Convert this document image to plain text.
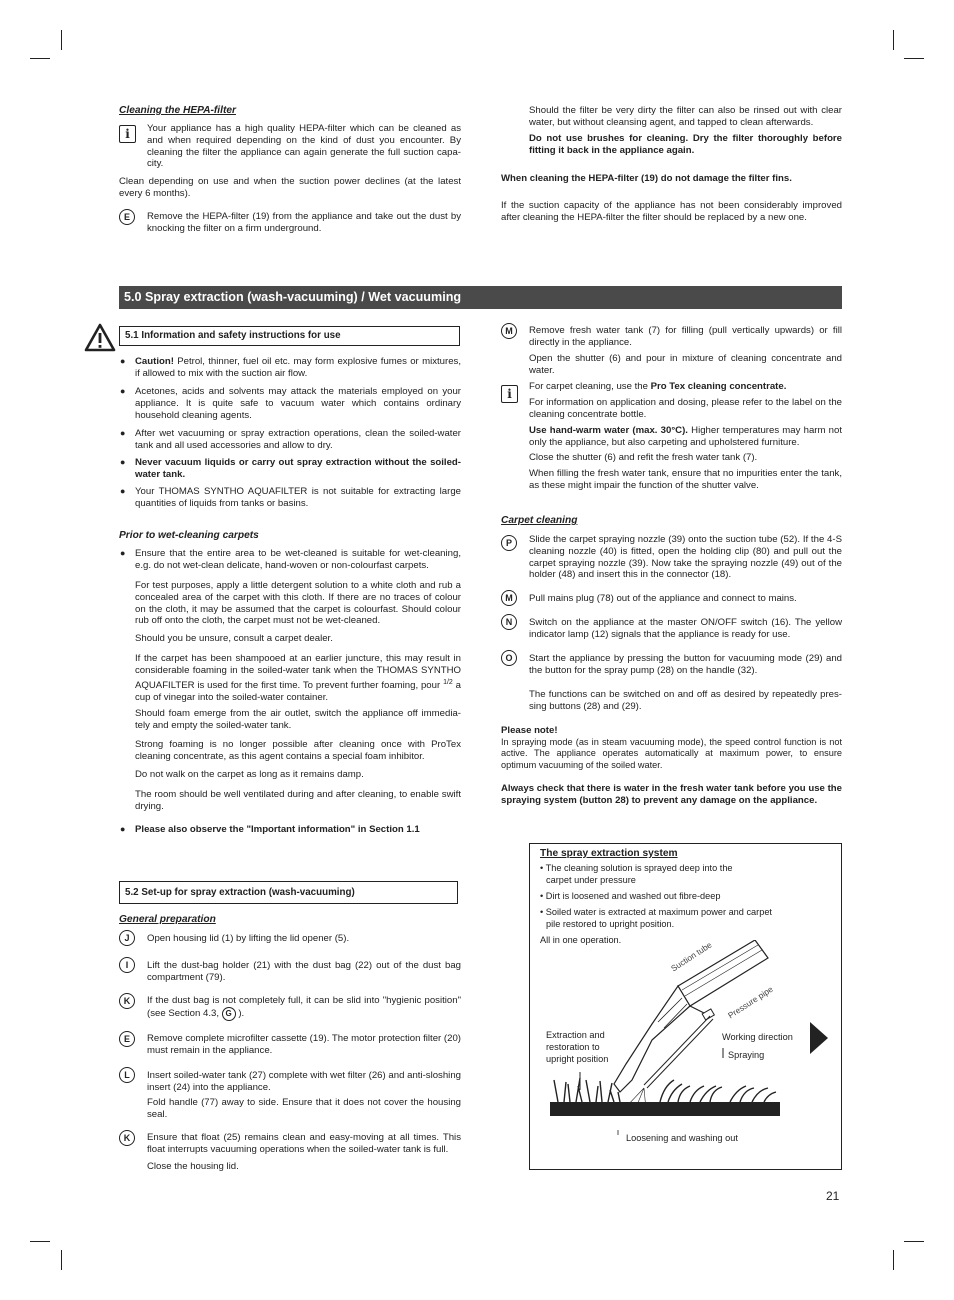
Cleaning the HEPA-filter
i	Your appliance has a high quality HEPA-filter which can be cleaned as and when required depending on the kind of dust you encounter. By cleaning the filter the appliance can again generate the full suction capa-city.
Clean depending on use and when the suction power declines (at the latest every 6 months).
E	Remove the HEPA-filter (19) from the appliance and take out the dust by knocking the filter on a firm underground.
Should the filter be very dirty the filter can also be rinsed out with clear water, but without cleansing agent, and tapped to clean afterwards.
Do not use brushes for cleaning. Dry the filter thoroughly before fitting it back in the appliance again.
When cleaning the HEPA-filter (19) do not damage the filter fins.
If the suction capacity of the appliance has not been considerably improved after cleaning the HEPA-filter the filter should be replaced by a new one.
5.0 Spray extraction (wash-vacuuming) / Wet vacuuming
5.1 Information and safety instructions for use
● Caution! Petrol, thinner, fuel oil etc. may form explosive fumes or mixtures, if allowed to mix with the suction air flow.
● Acetones, acids and solvents may attack the materials employed on your appliance. It is quite safe to vacuum water which contains ordinary household cleaning agents.
● After wet vacuuming or spray extraction operations, clean the soiled-water tank and all used accessories and allow to dry.
● Never vacuum liquids or carry out spray extraction without the soiled-water tank.
● Your THOMAS SYNTHO AQUAFILTER is not suitable for extracting large quantities of liquids from tanks or basins.
Prior to wet-cleaning carpets
● Ensure that the entire area to be wet-cleaned is suitable for wet-cleaning, e.g. do not wet-clean delicate, hand-woven or non-colourfast carpets.
For test purposes, apply a little detergent solution to a white cloth and rub a concealed area of the carpet with this cloth. If there are no traces of colour on the cloth, it may be assumed that the carpet is colourfast. Should colour rub off onto the cloth, the carpet must not be wet-cleaned.
Should you be unsure, consult a carpet dealer.
If the carpet has been shampooed at an earlier juncture, this may result in considerable foaming in the soiled-water tank when the THOMAS SYNTHO AQUAFILTER is used for the first time. To prevent further foaming, pour $^{1/2}$ a cup of vinegar into the soiled-water container.
Should foam emerge from the air outlet, switch the appliance off immedia-tely and empty the soiled-water tank.
Strong foaming is no longer possible after cleaning once with ProTex cleaning concentrate, as this agent contains a special foam inhibitor.
Do not walk on the carpet as long as it remains damp.
The room should be well ventilated during and after cleaning, to enable swift drying.
● Please also observe the "Important information" in Section 1.1
5.2 Set-up for spray extraction (wash-vacuuming)
General preparation
J	Open housing lid (1) by lifting the lid opener (5).
I	Lift the dust-bag holder (21) with the dust bag (22) out of the dust bag compartment (79).
K	If the dust bag is not completely full, it can be slid into "hygienic position" (see Section 4.3, G ).
E	Remove complete microfilter cassette (19). The motor protection filter (20) must remain in the appliance.
L	Insert soiled-water tank (27) complete with wet filter (26) and anti-sloshing insert (24) into the appliance.
Fold handle (77) away to side. Ensure that it does not cover the housing seal.
K	Ensure that float (25) remains clean and easy-moving at all times. This float interrupts vacuuming operations when the soiled-water tank is full.
Close the housing lid.
M	Remove fresh water tank (7) for filling (pull vertically upwards) or fill directly in the appliance.
Open the shutter (6) and pour in mixture of cleaning concentrate and water.
i
For carpet cleaning, use the Pro Tex cleaning concentrate.
For information on application and dosing, please refer to the label on the cleaning concentrate bottle.
Use hand-warm water (max. 30°C). Higher temperatures may harm not only the appliance, but also carpeting and upholstered furniture.
Close the shutter (6) and refit the fresh water tank (7).
When filling the fresh water tank, ensure that no impurities enter the tank, as these might impair the function of the shutter valve.
Carpet cleaning
P	Slide the carpet spraying nozzle (39) onto the suction tube (52). If the 4-S cleaning nozzle (40) is fitted, open the holding clip (80) and pull out the carpet spraying nozzle (39). Now take the spraying nozzle (49) out of the holder (48) and insert this in the connector (18).
M	Pull mains plug (78) out of the appliance and connect to mains.
N	Switch on the appliance at the master ON/OFF switch (16). The yellow indicator lamp (12) signals that the appliance is ready for use.
O	Start the appliance by pressing the button for vacuuming mode (29) and the button for the spray pump (28) on the handle (32).
The functions can be switched on and off as desired by repeatedly pres-sing buttons (28) and (29).
Please note!
In spraying mode (as in steam vacuuming mode), the speed control function is not active. The appliance operates automatically at maximum power, to ensure optimum vacuuming of the soiled water.
Always check that there is water in the fresh water tank before you use the spraying system (button 28) to prevent any damage on the appliance.
The spray extraction system
• The cleaning solution is sprayed deep into the
carpet under pressure
• Dirt is loosened and washed out fibre-deep
• Soiled water is extracted at maximum power and carpet
pile restored to upright position.
All in one operation.	Suction tube
Pressure pipe
Extraction and
restoration to
upright position
Working direction
Spraying
Loosening and washing out
21
